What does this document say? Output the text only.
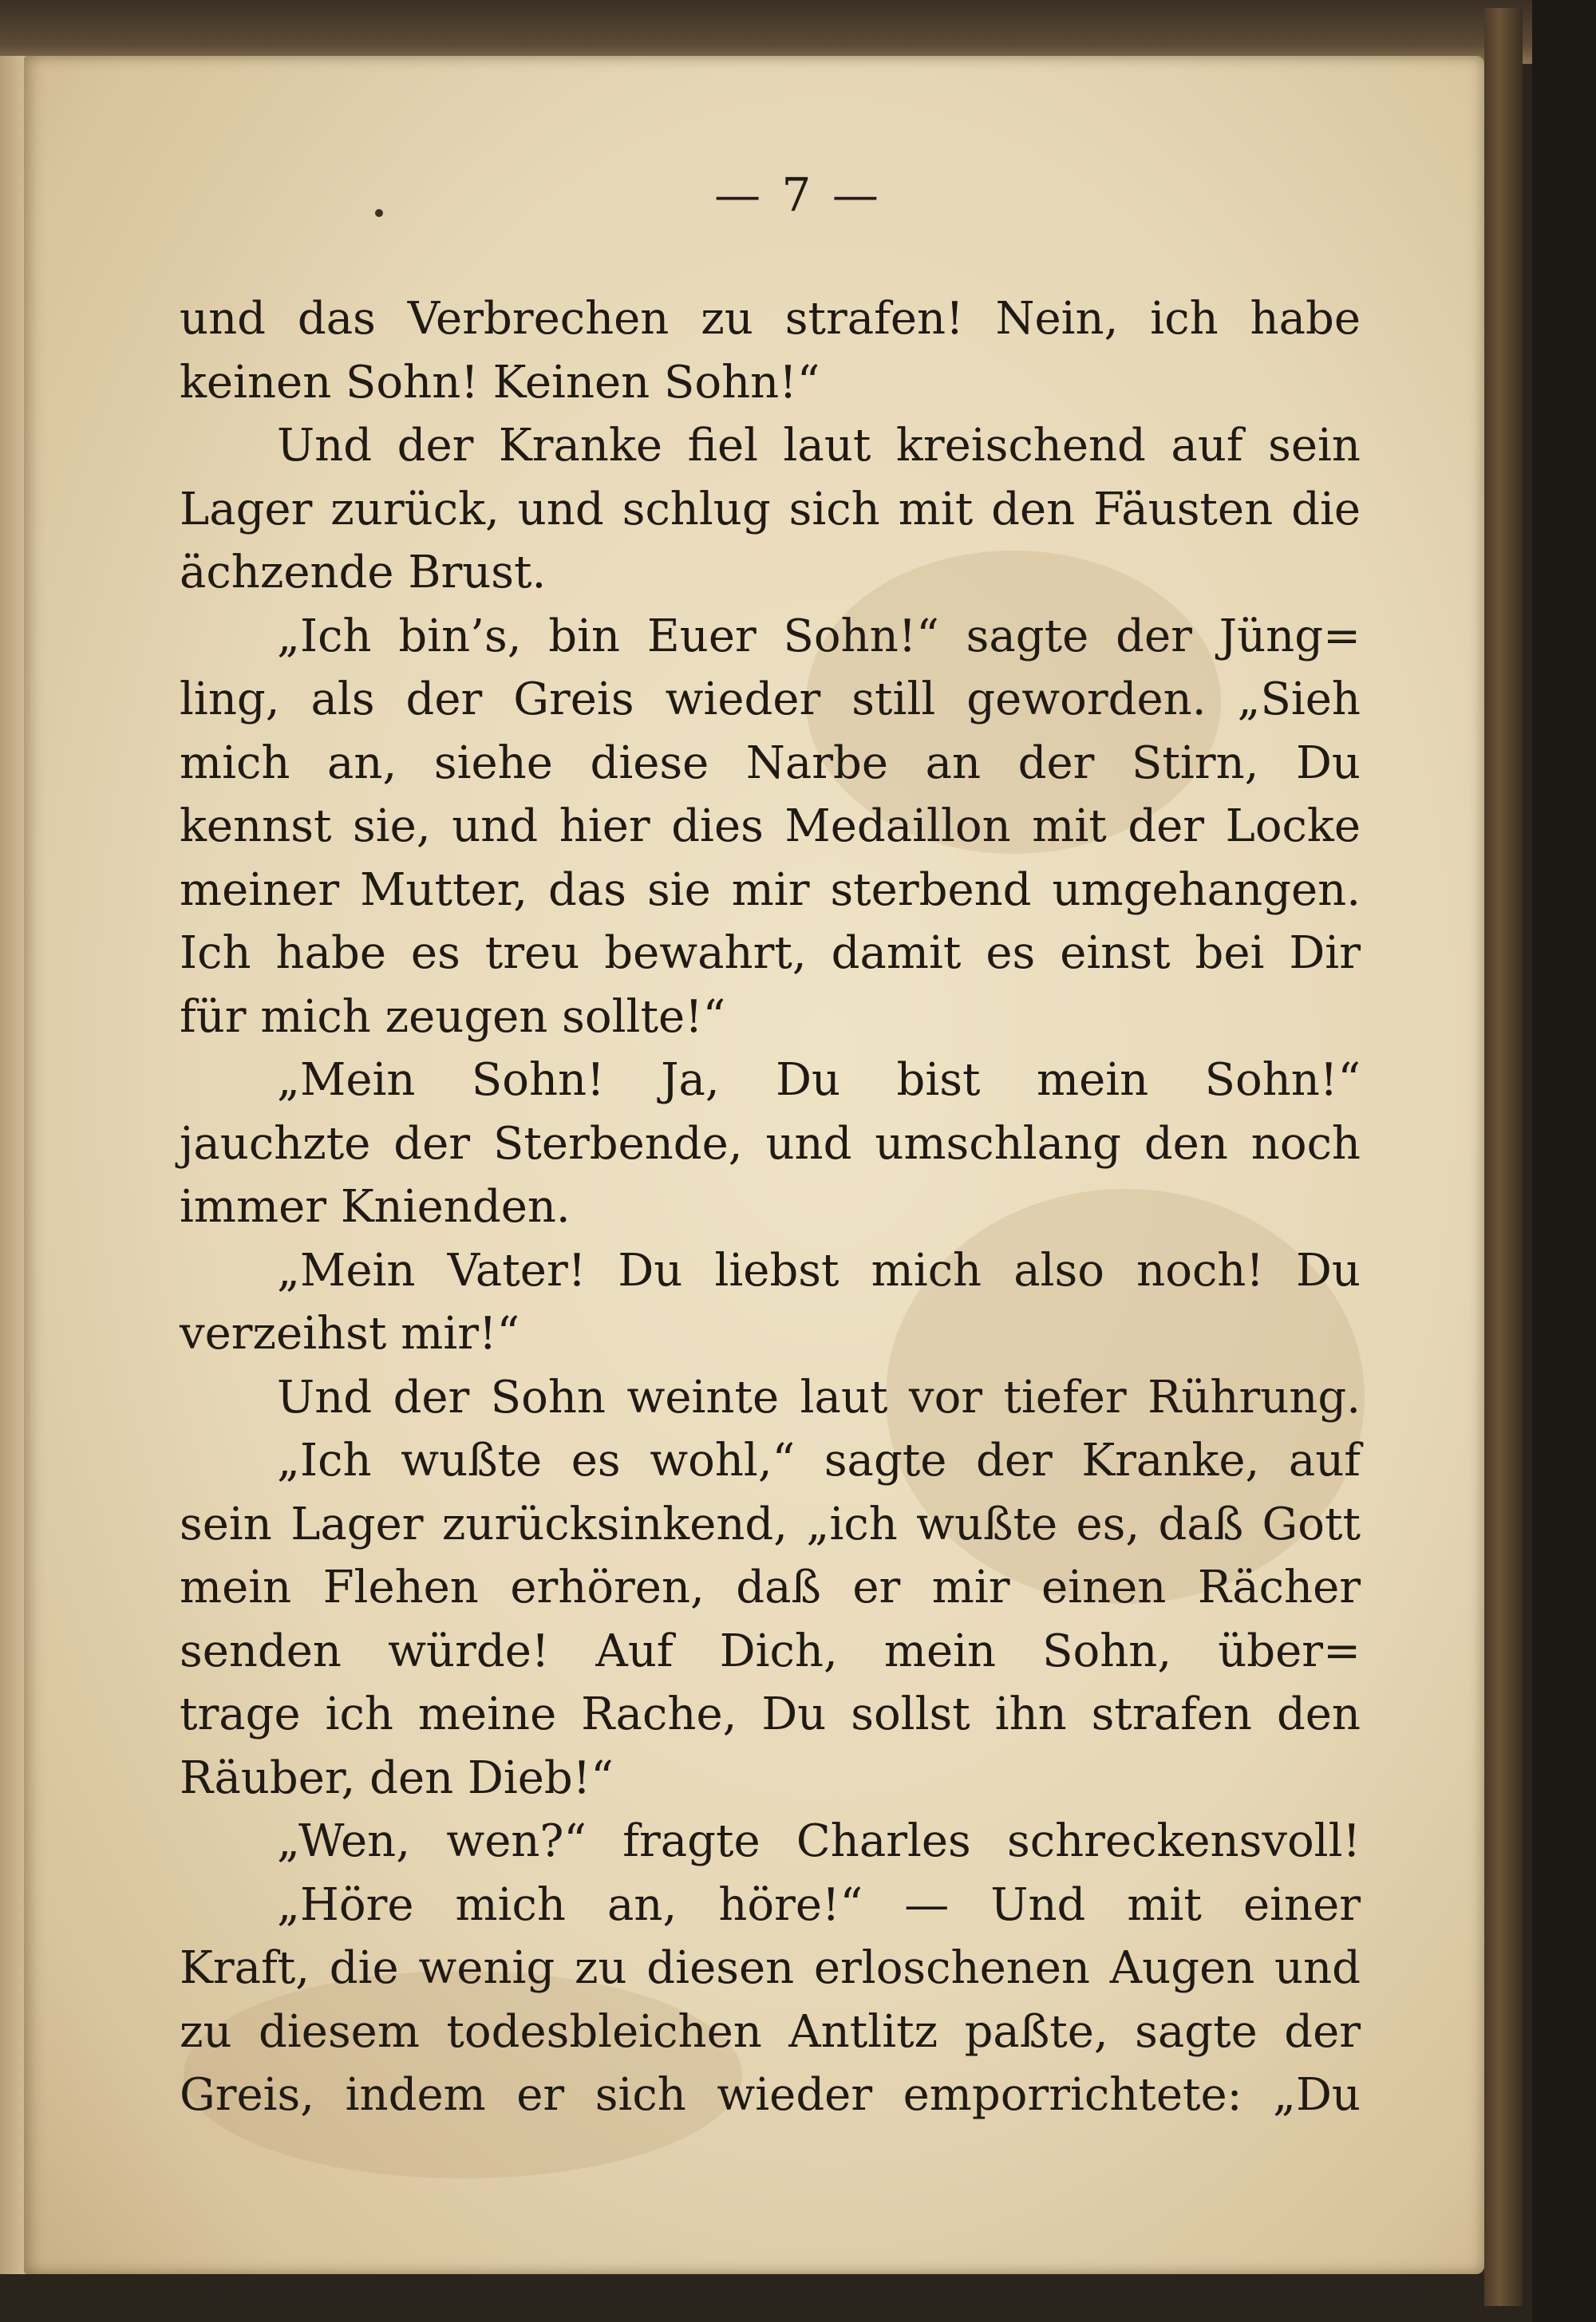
— 7 —
und das Verbrechen zu strafen! Nein, ich habe
keinen Sohn! Keinen Sohn!“
Und der Kranke fiel laut kreischend auf sein
Lager zurück, und schlug sich mit den Fäusten die
ächzende Brust.
„Ich bin’s, bin Euer Sohn!“ sagte der Jüng=
ling, als der Greis wieder still geworden. „Sieh
mich an, siehe diese Narbe an der Stirn, Du
kennst sie, und hier dies Medaillon mit der Locke
meiner Mutter, das sie mir sterbend umgehangen.
Ich habe es treu bewahrt, damit es einst bei Dir
für mich zeugen sollte!“
„Mein Sohn! Ja, Du bist mein Sohn!“
jauchzte der Sterbende, und umschlang den noch
immer Knienden.
„Mein Vater! Du liebst mich also noch! Du
verzeihst mir!“
Und der Sohn weinte laut vor tiefer Rührung.
„Ich wußte es wohl,“ sagte der Kranke, auf
sein Lager zurücksinkend, „ich wußte es, daß Gott
mein Flehen erhören, daß er mir einen Rächer
senden würde! Auf Dich, mein Sohn, über=
trage ich meine Rache, Du sollst ihn strafen den
Räuber, den Dieb!“
„Wen, wen?“ fragte Charles schreckensvoll!
„Höre mich an, höre!“ — Und mit einer
Kraft, die wenig zu diesen erloschenen Augen und
zu diesem todesbleichen Antlitz paßte, sagte der
Greis, indem er sich wieder emporrichtete: „Du
